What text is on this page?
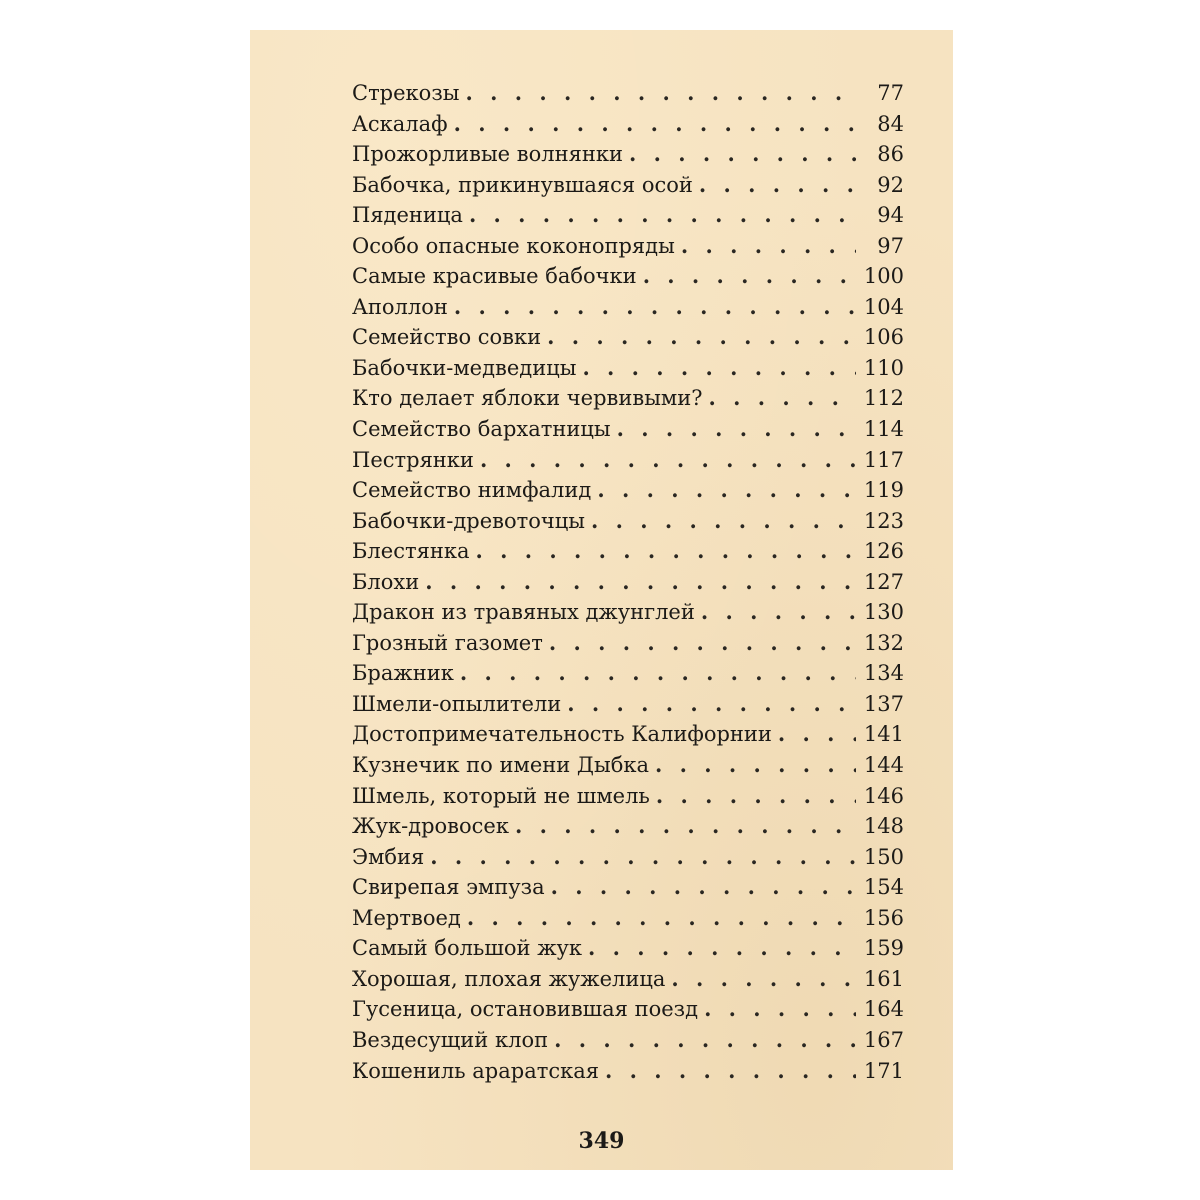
Стрекозы . . .	77
Аскалаф . . .	84
Прожорливые волнянки . . .	86
Бабочка, прикинувшаяся осой . . .	92
Пяденица . . .	94
Особо опасные коконопряды . . .	97
Самые красивые бабочки . . .	100
Аполлон . . .	104
Семейство совки . . .	106
Бабочки-медведицы . . .	110
Кто делает яблоки червивыми? . . .	112
Семейство бархатницы . . .	114
Пестрянки . . .	117
Семейство нимфалид . . .	119
Бабочки-древоточцы . . .	123
Блестянка . . .	126
Блохи . . .	127
Дракон из травяных джунглей . . .	130
Грозный газомет . . .	132
Бражник . . .	134
Шмели-опылители . . .	137
Достопримечательность Калифорнии . . .	141
Кузнечик по имени Дыбка . . .	144
Шмель, который не шмель . . .	146
Жук-дровосек . . .	148
Эмбия . . .	150
Свирепая эмпуза . . .	154
Мертвоед . . .	156
Самый большой жук . . .	159
Хорошая, плохая жужелица . . .	161
Гусеница, остановившая поезд . . .	164
Вездесущий клоп . . .	167
Кошениль араратская . . .	171
349
